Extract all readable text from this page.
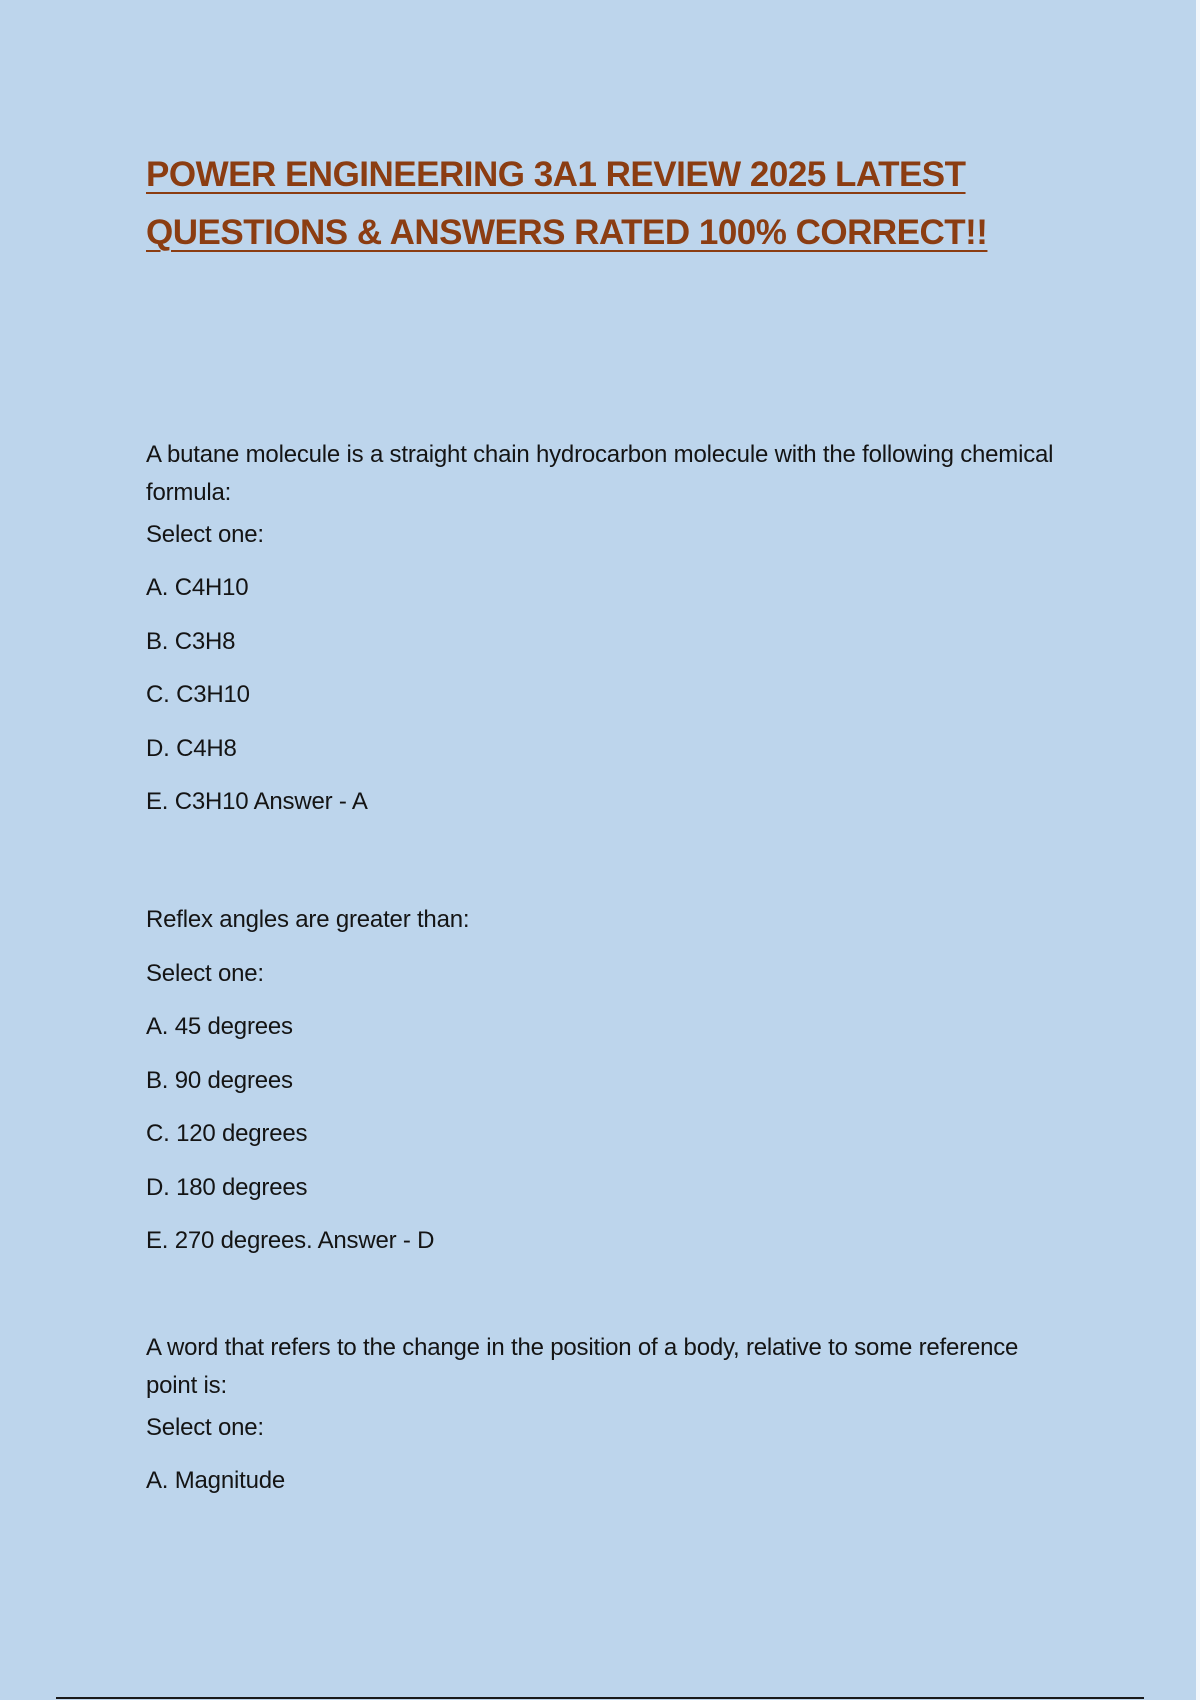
POWER ENGINEERING 3A1 REVIEW 2025 LATEST
QUESTIONS & ANSWERS RATED 100% CORRECT!!

A butane molecule is a straight chain hydrocarbon molecule with the following chemical formula:

Select one:

A. C4H10

B. C3H8

C. C3H10

D. C4H8

E. C3H10 Answer - A

Reflex angles are greater than:

Select one:

A. 45 degrees

B. 90 degrees

C. 120 degrees

D. 180 degrees

E. 270 degrees. Answer - D

A word that refers to the change in the position of a body, relative to some reference point is:

Select one:

A. Magnitude
